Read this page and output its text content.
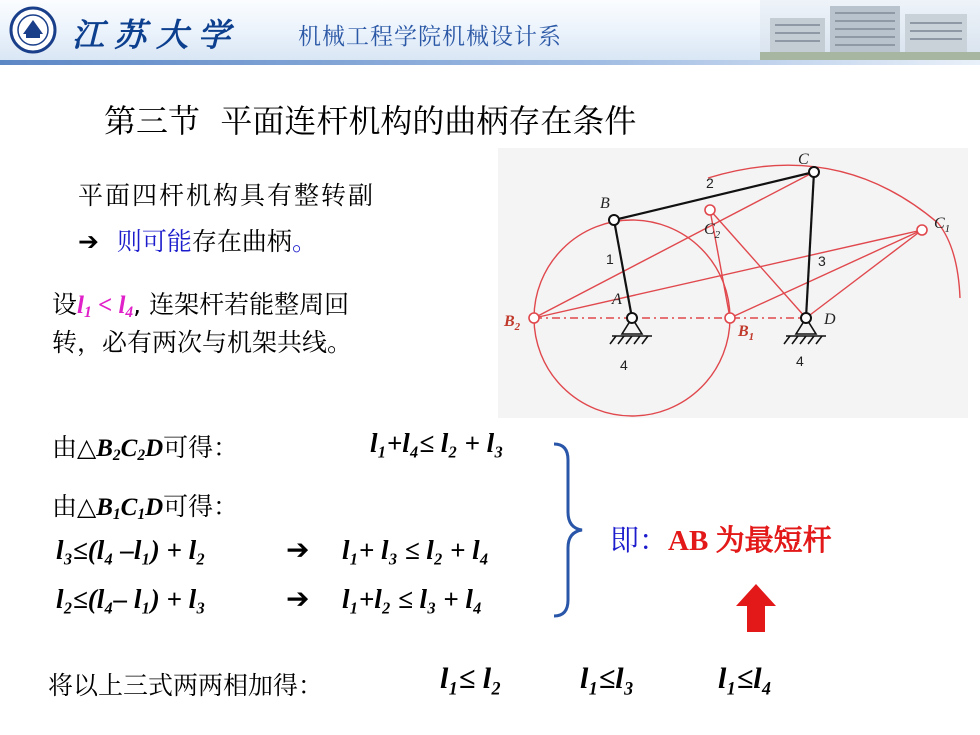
江苏大学	机械工程学院机械设计系
第三节  平面连杆机构的曲柄存在条件
平面四杆机构具有整转副
➔ 则可能存在曲柄。
设$l_1 < l_4$, 连架杆若能整周回
转，必有两次与机架共线。
由$\triangle B_2C_2D$可得：	l₁+l₄≤ l₂ + l₃
由$\triangle B_1C_1D$可得：
l₃≤(l₄ –l₁) + l₂	➔ l₁+ l₃ ≤ l₂ + l₄
l₂≤(l₄– l₁) + l₃	➔ l₁+l₂ ≤ l₃ + l₄
即：AB 为最短杆
将以上三式两两相加得：	l₁≤ l₂	l₁≤l₃	l₁≤l₄
C
B
A
D
$C_1$
$C_2$
$B_1$
$B_2$
2
1	3
4	4
